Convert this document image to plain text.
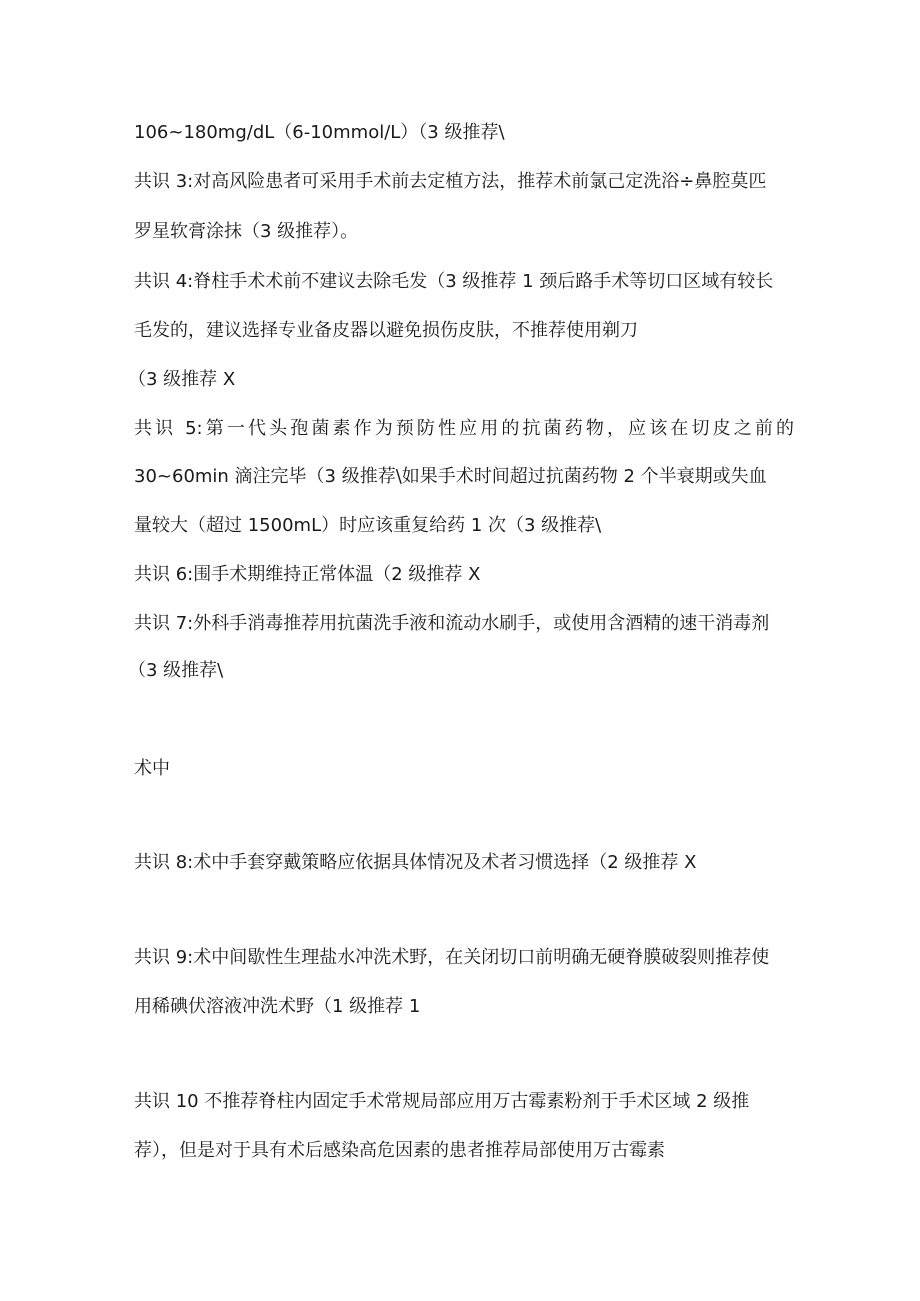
106~180mg/dL（6-10mmol/L）（3 级推荐\
共识 3:对高风险患者可采用手术前去定植方法，推荐术前氯己定洗浴÷鼻腔莫匹
罗星软膏涂抹（3 级推荐）。
共识 4:脊柱手术术前不建议去除毛发（3 级推荐 1 颈后路手术等切口区域有较长
毛发的，建议选择专业备皮器以避免损伤皮肤，不推荐使用剃刀
（3 级推荐 X
共识 5:第一代头孢菌素作为预防性应用的抗菌药物，应该在切皮之前的
30~60min 滴注完毕（3 级推荐\如果手术时间超过抗菌药物 2 个半衰期或失血
量较大（超过 1500mL）时应该重复给药 1 次（3 级推荐\
共识 6:围手术期维持正常体温（2 级推荐 X
共识 7:外科手消毒推荐用抗菌洗手液和流动水刷手，或使用含酒精的速干消毒剂
（3 级推荐\
术中
共识 8:术中手套穿戴策略应依据具体情况及术者习惯选择（2 级推荐 X
共识 9:术中间歇性生理盐水冲洗术野，在关闭切口前明确无硬脊膜破裂则推荐使
用稀碘伏溶液冲洗术野（1 级推荐 1
共识 10 不推荐脊柱内固定手术常规局部应用万古霉素粉剂于手术区域 2 级推
荐），但是对于具有术后感染高危因素的患者推荐局部使用万古霉素
